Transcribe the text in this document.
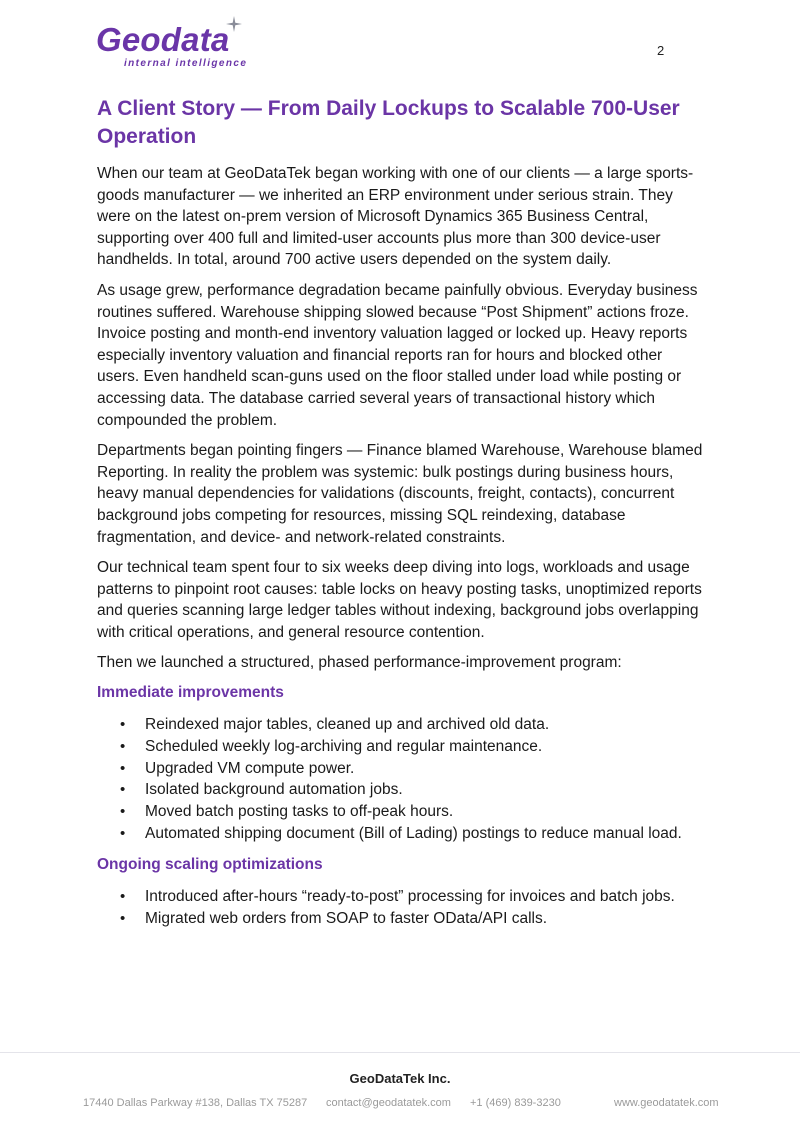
Geodata
internal intelligence
2
A Client Story — From Daily Lockups to Scalable 700-User Operation

When our team at GeoDataTek began working with one of our clients — a large sports-goods manufacturer — we inherited an ERP environment under serious strain. They were on the latest on-prem version of Microsoft Dynamics 365 Business Central, supporting over 400 full and limited-user accounts plus more than 300 device-user handhelds. In total, around 700 active users depended on the system daily.

As usage grew, performance degradation became painfully obvious. Everyday business routines suffered. Warehouse shipping slowed because “Post Shipment” actions froze. Invoice posting and month-end inventory valuation lagged or locked up. Heavy reports especially inventory valuation and financial reports ran for hours and blocked other users. Even handheld scan-guns used on the floor stalled under load while posting or accessing data. The database carried several years of transactional history which compounded the problem.

Departments began pointing fingers — Finance blamed Warehouse, Warehouse blamed Reporting. In reality the problem was systemic: bulk postings during business hours, heavy manual dependencies for validations (discounts, freight, contacts), concurrent background jobs competing for resources, missing SQL reindexing, database fragmentation, and device- and network-related constraints.

Our technical team spent four to six weeks deep diving into logs, workloads and usage patterns to pinpoint root causes: table locks on heavy posting tasks, unoptimized reports and queries scanning large ledger tables without indexing, background jobs overlapping with critical operations, and general resource contention.

Then we launched a structured, phased performance-improvement program:

Immediate improvements
• Reindexed major tables, cleaned up and archived old data.
• Scheduled weekly log-archiving and regular maintenance.
• Upgraded VM compute power.
• Isolated background automation jobs.
• Moved batch posting tasks to off-peak hours.
• Automated shipping document (Bill of Lading) postings to reduce manual load.
Ongoing scaling optimizations
• Introduced after-hours “ready-to-post” processing for invoices and batch jobs.
• Migrated web orders from SOAP to faster OData/API calls.
GeoDataTek Inc.
17440 Dallas Parkway #138, Dallas TX 75287 contact@geodatatek.com +1 (469) 839-3230	www.geodatatek.com
